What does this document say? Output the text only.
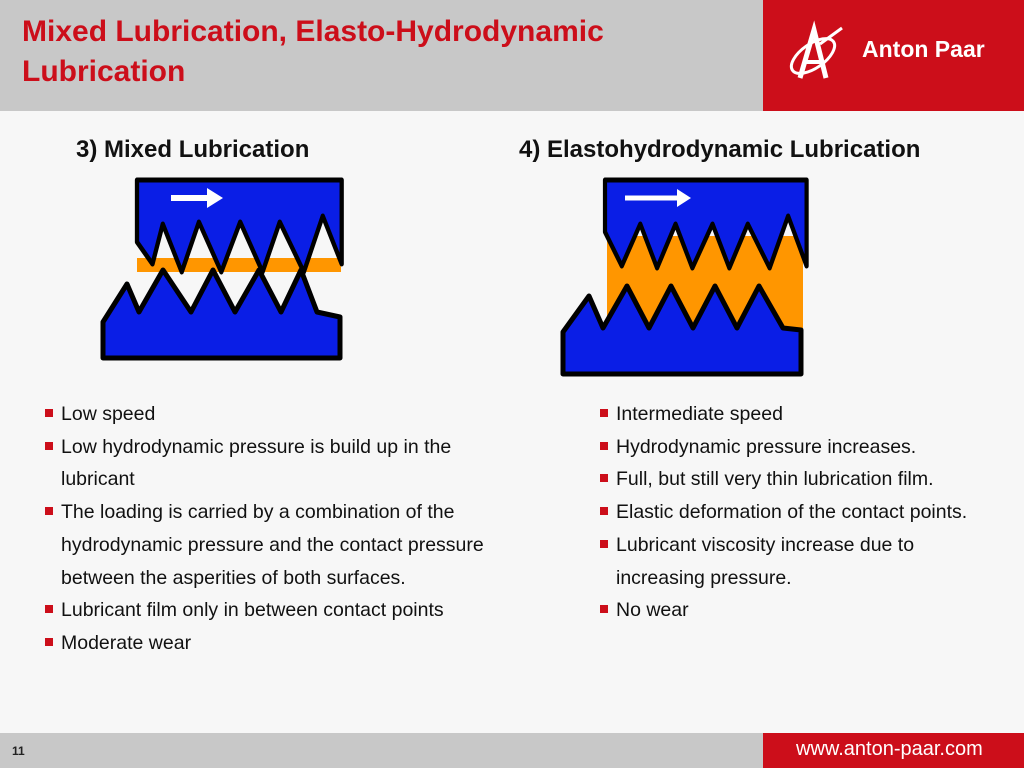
Mixed Lubrication, Elasto-Hydrodynamic Lubrication
Anton Paar
3) Mixed Lubrication	4) Elastohydrodynamic Lubrication
Low speed
Low hydrodynamic pressure is build up in the lubricant
The loading is carried by a combination of the hydrodynamic pressure and the contact pressure between the asperities of both surfaces.
Lubricant film only in between contact points
Moderate wear
Intermediate speed
Hydrodynamic pressure increases.
Full, but still very thin lubrication film.
Elastic deformation of the contact points.
Lubricant viscosity increase due to increasing pressure.
No wear
11	www.anton-paar.com
